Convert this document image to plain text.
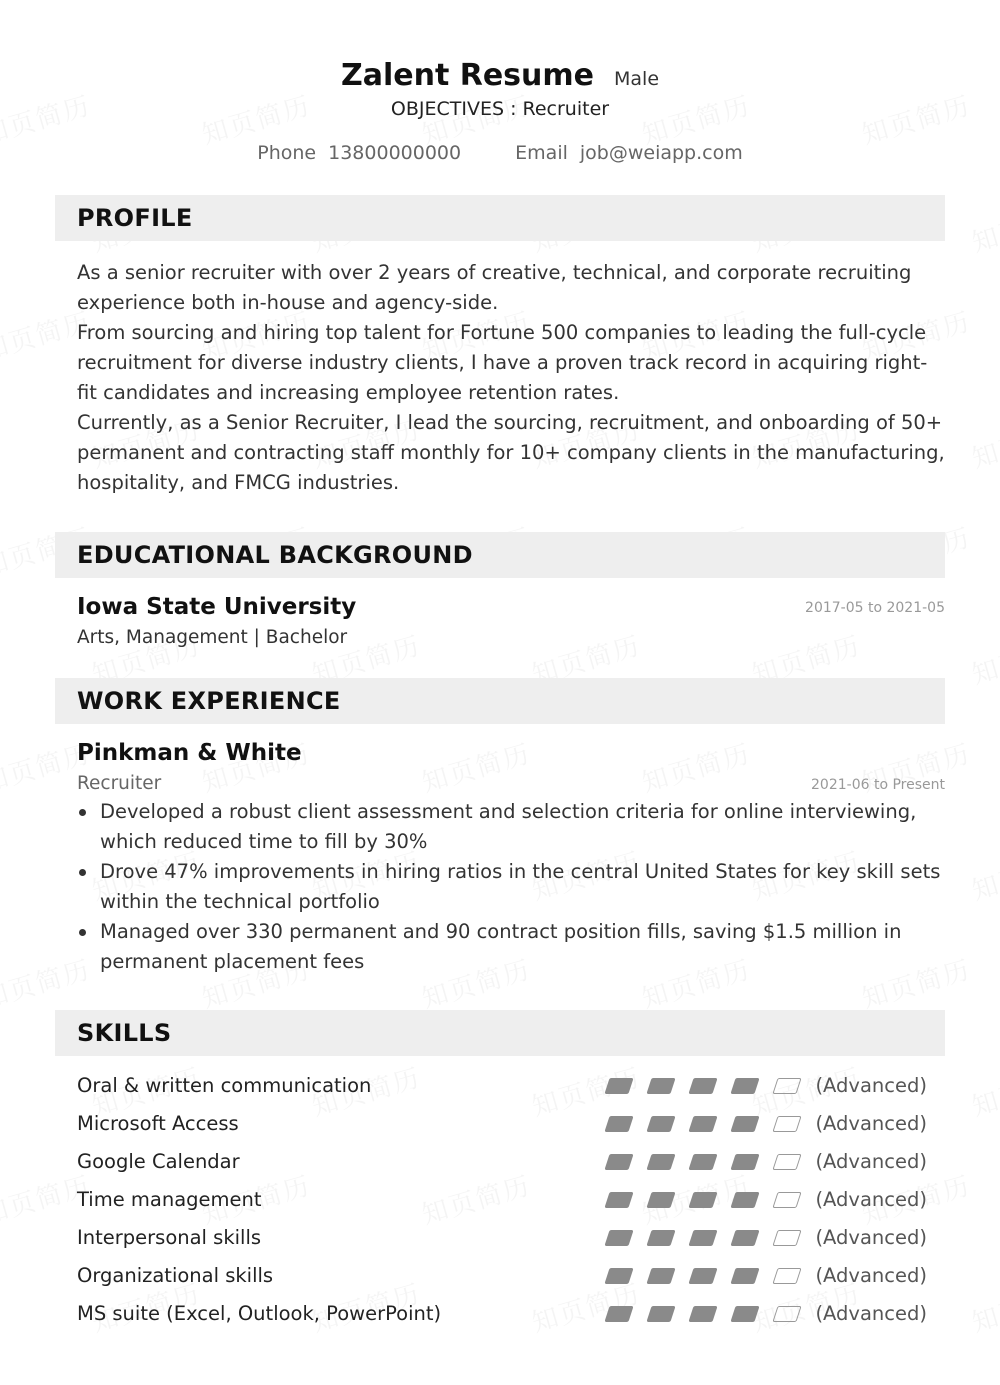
Zalent Resume Male
OBJECTIVES : Recruiter
Phone 13800000000	Email job@weiapp.com
PROFILE

As a senior recruiter with over 2 years of creative, technical, and corporate recruiting experience both in-house and agency-side.

From sourcing and hiring top talent for Fortune 500 companies to leading the full-cycle recruitment for diverse industry clients, I have a proven track record in acquiring right-fit candidates and increasing employee retention rates.

Currently, as a Senior Recruiter, I lead the sourcing, recruitment, and onboarding of 50+ permanent and contracting staff monthly for 10+ company clients in the manufacturing, hospitality, and FMCG industries.

EDUCATIONAL BACKGROUND
Iowa State University	2017-05 to 2021-05
Arts, Management | Bachelor
WORK EXPERIENCE
Pinkman & White
Recruiter	2021-06 to Present
Developed a robust client assessment and selection criteria for online interviewing, which reduced time to fill by 30%
Drove 47% improvements in hiring ratios in the central United States for key skill sets within the technical portfolio
Managed over 330 permanent and 90 contract position fills, saving $1.5 million in permanent placement fees
SKILLS
Oral & written communication	(Advanced)
Microsoft Access	(Advanced)
Google Calendar	(Advanced)
Time management	(Advanced)
Interpersonal skills	(Advanced)
Organizational skills	(Advanced)
MS suite (Excel, Outlook, PowerPoint)	(Advanced)
